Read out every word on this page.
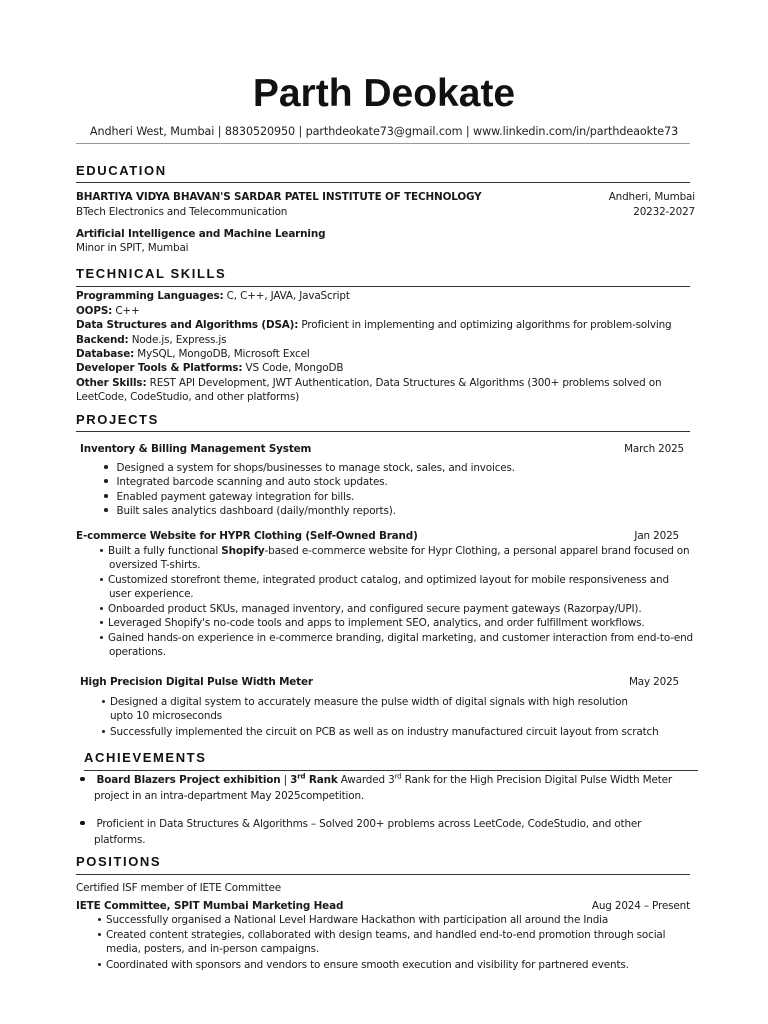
Parth Deokate
Andheri West, Mumbai | 8830520950 | parthdeokate73@gmail.com | www.linkedin.com/in/parthdeaokte73
EDUCATION
BHARTIYA VIDYA BHAVAN'S SARDAR PATEL INSTITUTE OF TECHNOLOGY	Andheri, Mumbai
BTech Electronics and Telecommunication	20232-2027
Artificial Intelligence and Machine Learning
Minor in SPIT, Mumbai
TECHNICAL SKILLS
Programming Languages: C, C++, JAVA, JavaScript
OOPS: C++
Data Structures and Algorithms (DSA): Proficient in implementing and optimizing algorithms for problem-solving
Backend: Node.js, Express.js
Database: MySQL, MongoDB, Microsoft Excel
Developer Tools & Platforms: VS Code, MongoDB
Other Skills: REST API Development, JWT Authentication, Data Structures & Algorithms (300+ problems solved on
LeetCode, CodeStudio, and other platforms)
PROJECTS
Inventory & Billing Management System	March 2025
Designed a system for shops/businesses to manage stock, sales, and invoices.
Integrated barcode scanning and auto stock updates.
Enabled payment gateway integration for bills.
Built sales analytics dashboard (daily/monthly reports).
E-commerce Website for HYPR Clothing (Self-Owned Brand)	Jan 2025
Built a fully functional Shopify-based e-commerce website for Hypr Clothing, a personal apparel brand focused on
oversized T-shirts.
Customized storefront theme, integrated product catalog, and optimized layout for mobile responsiveness and
user experience.
Onboarded product SKUs, managed inventory, and configured secure payment gateways (Razorpay/UPI).
Leveraged Shopify's no-code tools and apps to implement SEO, analytics, and order fulfillment workflows.
Gained hands-on experience in e-commerce branding, digital marketing, and customer interaction from end-to-end
operations.
High Precision Digital Pulse Width Meter	May 2025
Designed a digital system to accurately measure the pulse width of digital signals with high resolution
upto 10 microseconds
Successfully implemented the circuit on PCB as well as on industry manufactured circuit layout from scratch
ACHIEVEMENTS
Board Blazers Project exhibition | 3rd Rank Awarded 3rd Rank for the High Precision Digital Pulse Width Meter
project in an intra-department May 2025competition.
Proficient in Data Structures & Algorithms – Solved 200+ problems across LeetCode, CodeStudio, and other
platforms.
POSITIONS
Certified ISF member of IETE Committee
IETE Committee, SPIT Mumbai Marketing Head	Aug 2024 – Present
Successfully organised a National Level Hardware Hackathon with participation all around the India
Created content strategies, collaborated with design teams, and handled end-to-end promotion through social
media, posters, and in-person campaigns.
Coordinated with sponsors and vendors to ensure smooth execution and visibility for partnered events.
